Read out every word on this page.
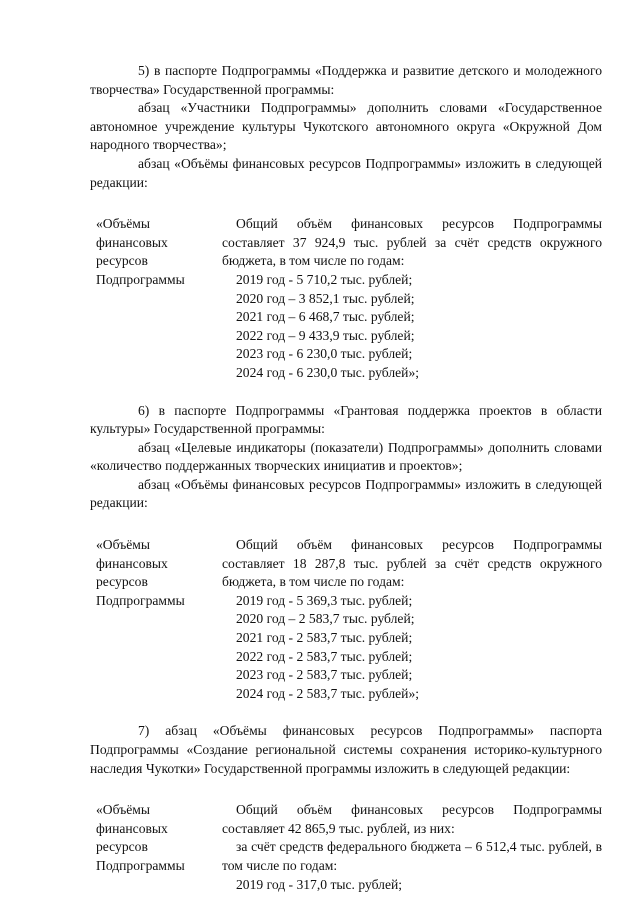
5) в паспорте Подпрограммы «Поддержка и развитие детского и молодежного творчества» Государственной программы:

абзац «Участники Подпрограммы» дополнить словами «Государственное автономное учреждение культуры Чукотского автономного округа «Окружной Дом народного творчества»;

абзац «Объёмы финансовых ресурсов Подпрограммы» изложить в следующей редакции:

«Объёмы
финансовых
ресурсов
Подпрограммы

Общий объём финансовых ресурсов Подпрограммы составляет 37 924,9 тыс. рублей за счёт средств окружного бюджета, в том числе по годам:

2019 год - 5 710,2 тыс. рублей;
2020 год – 3 852,1 тыс. рублей;
2021 год – 6 468,7 тыс. рублей;
2022 год – 9 433,9 тыс. рублей;
2023 год - 6 230,0 тыс. рублей;
2024 год - 6 230,0 тыс. рублей»;

6) в паспорте Подпрограммы «Грантовая поддержка проектов в области культуры» Государственной программы:

абзац «Целевые индикаторы (показатели) Подпрограммы» дополнить словами «количество поддержанных творческих инициатив и проектов»;

абзац «Объёмы финансовых ресурсов Подпрограммы» изложить в следующей редакции:

«Объёмы
финансовых
ресурсов
Подпрограммы

Общий объём финансовых ресурсов Подпрограммы составляет 18 287,8 тыс. рублей за счёт средств окружного бюджета, в том числе по годам:

2019 год - 5 369,3 тыс. рублей;
2020 год – 2 583,7 тыс. рублей;
2021 год - 2 583,7 тыс. рублей;
2022 год - 2 583,7 тыс. рублей;
2023 год - 2 583,7 тыс. рублей;
2024 год - 2 583,7 тыс. рублей»;

7) абзац «Объёмы финансовых ресурсов Подпрограммы» паспорта Подпрограммы «Создание региональной системы сохранения историко-культурного наследия Чукотки» Государственной программы изложить в следующей редакции:

«Объёмы
финансовых
ресурсов
Подпрограммы

Общий объём финансовых ресурсов Подпрограммы составляет 42 865,9 тыс. рублей, из них:

за счёт средств федерального бюджета – 6 512,4 тыс. рублей, в том числе по годам:

2019 год - 317,0 тыс. рублей;
